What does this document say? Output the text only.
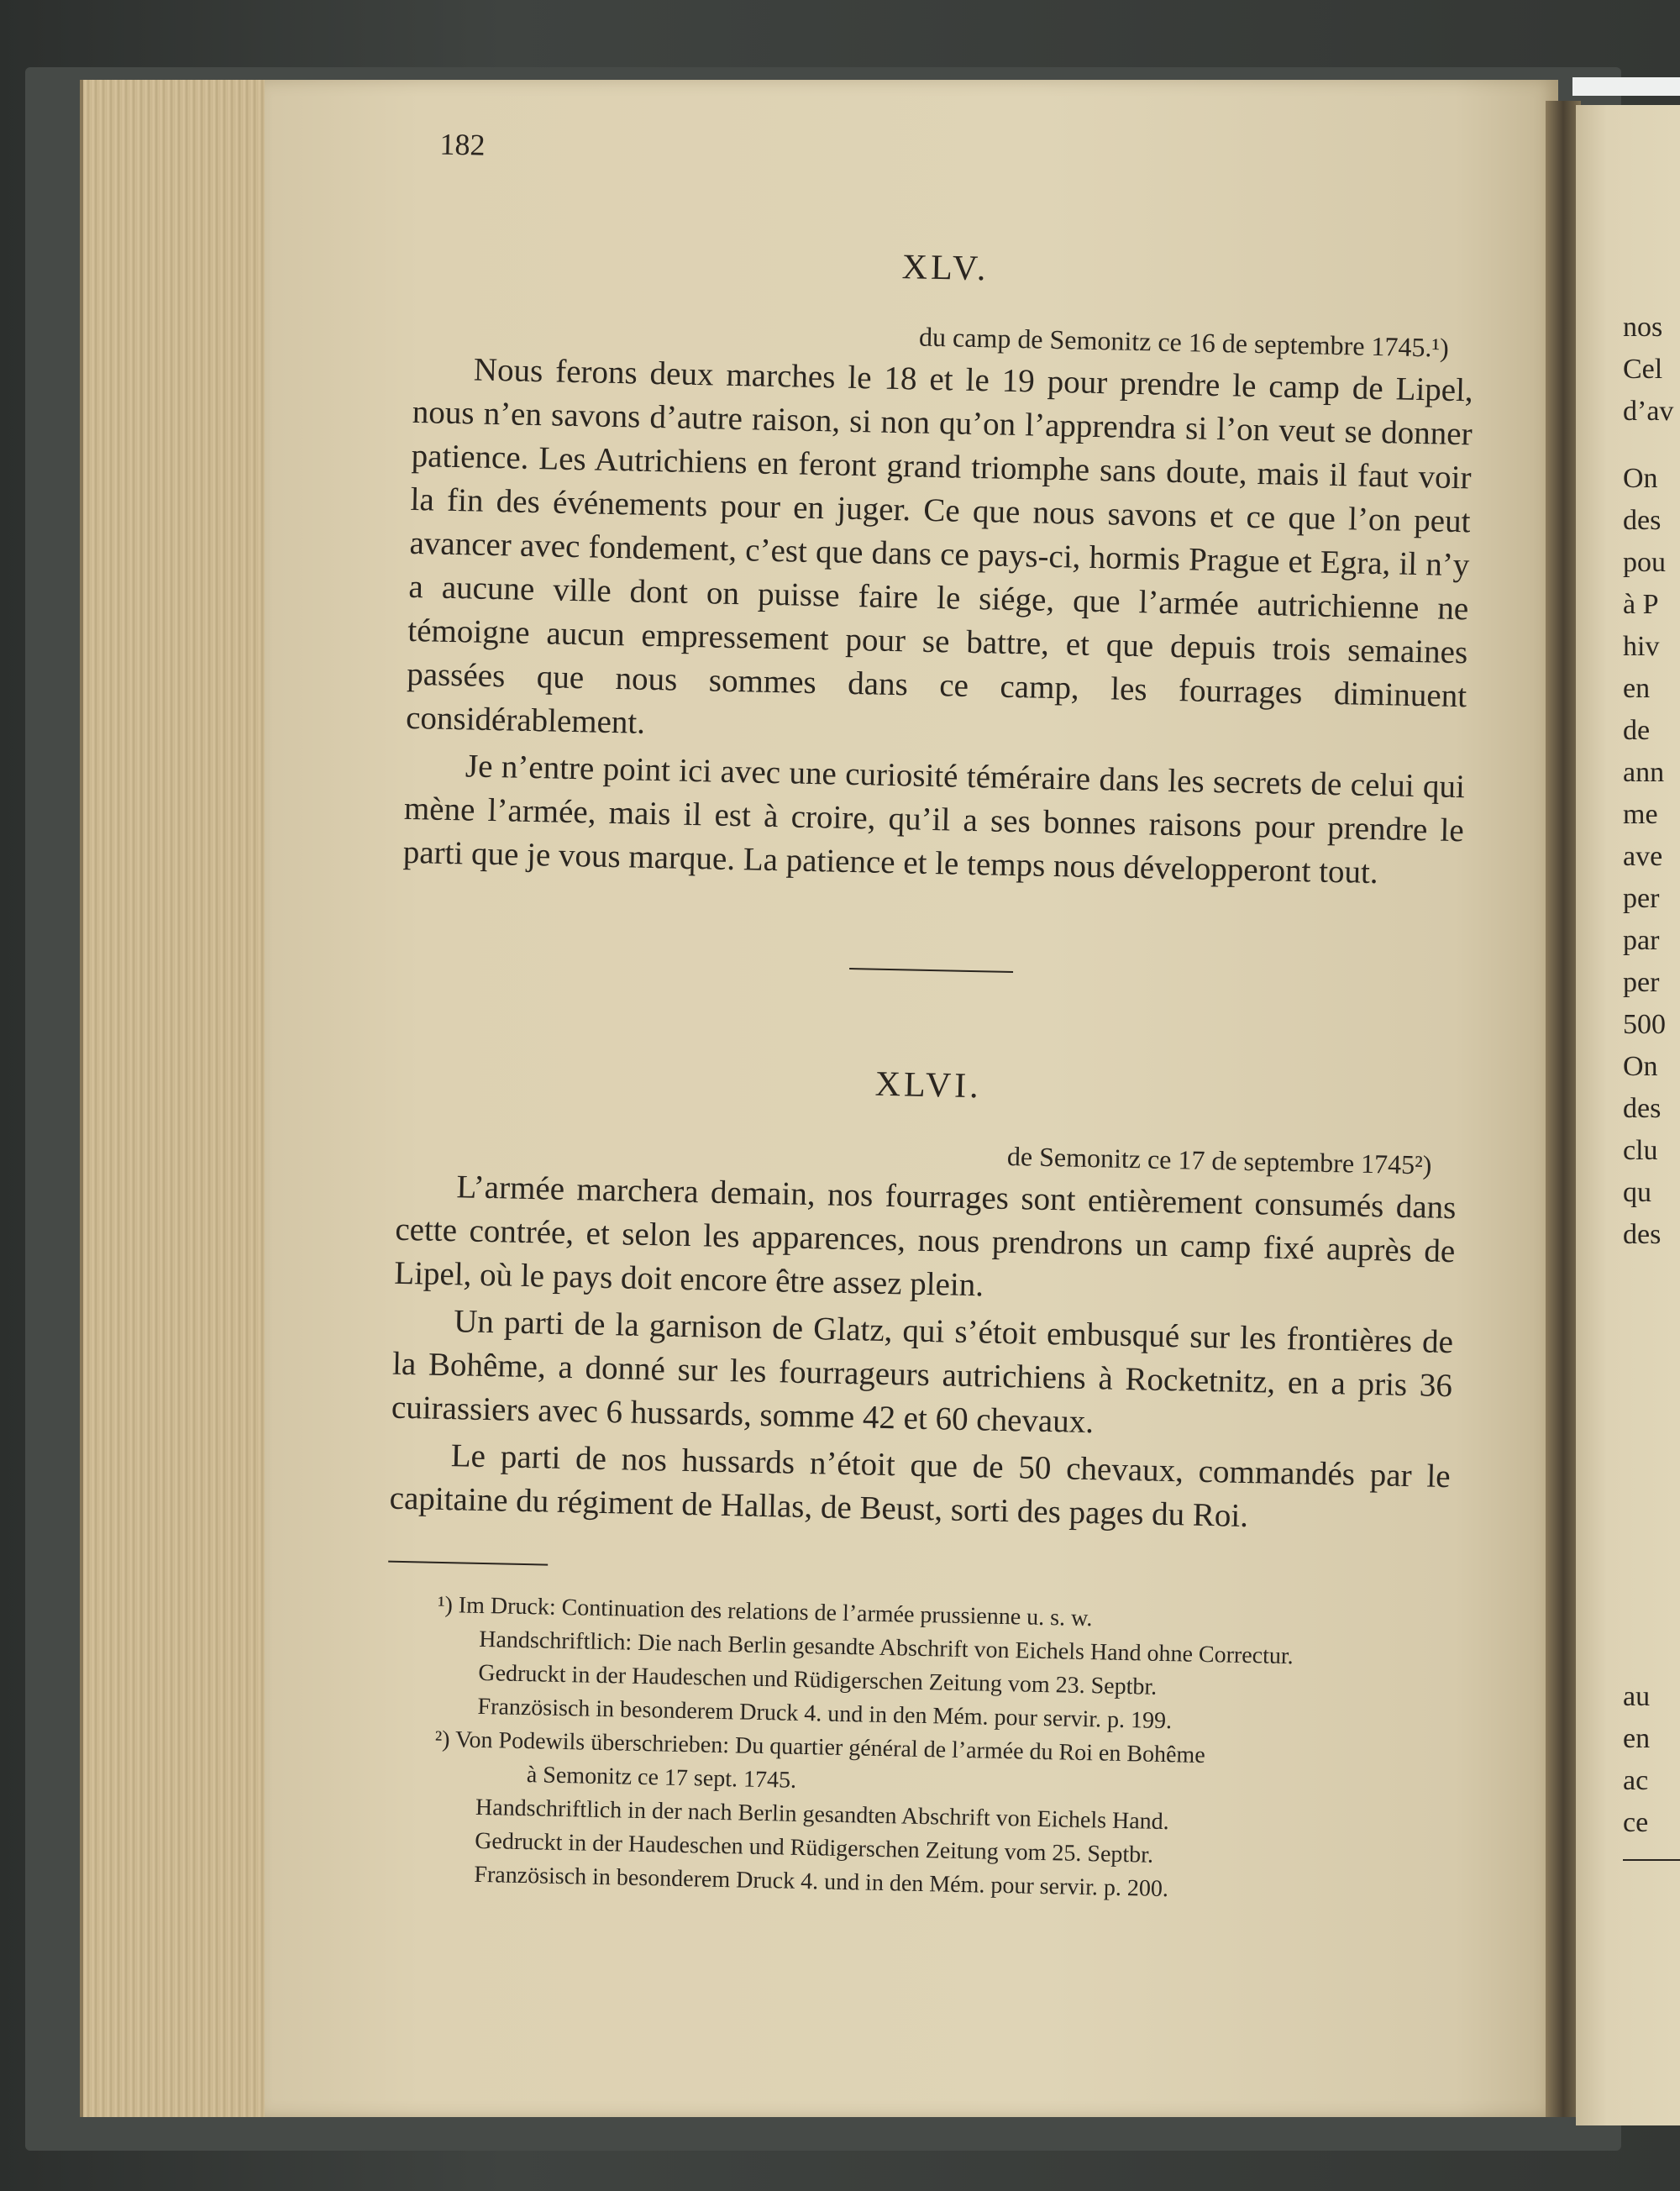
182
XLV.
du camp de Semonitz ce 16 de septembre 1745.¹)

Nous ferons deux marches le 18 et le 19 pour prendre le camp de Lipel, nous n’en savons d’autre raison, si non qu’on l’apprendra si l’on veut se donner patience. Les Autrichiens en feront grand triomphe sans doute, mais il faut voir la fin des événements pour en juger. Ce que nous savons et ce que l’on peut avancer avec fondement, c’est que dans ce pays-ci, hormis Prague et Egra, il n’y a aucune ville dont on puisse faire le siége, que l’armée autrichienne ne témoigne aucun empressement pour se battre, et que depuis trois semaines passées que nous sommes dans ce camp, les fourrages diminuent considérablement.

Je n’entre point ici avec une curiosité téméraire dans les secrets de celui qui mène l’armée, mais il est à croire, qu’il a ses bonnes raisons pour prendre le parti que je vous marque. La patience et le temps nous développeront tout.

XLVI.
de Semonitz ce 17 de septembre 1745²)

L’armée marchera demain, nos fourrages sont entièrement consumés dans cette contrée, et selon les apparences, nous prendrons un camp fixé auprès de Lipel, où le pays doit encore être assez plein.

Un parti de la garnison de Glatz, qui s’étoit embusqué sur les frontières de la Bohême, a donné sur les fourrageurs autrichiens à Rocketnitz, en a pris 36 cuirassiers avec 6 hussards, somme 42 et 60 chevaux.

Le parti de nos hussards n’étoit que de 50 chevaux, commandés par le capitaine du régiment de Hallas, de Beust, sorti des pages du Roi.

¹) Im Druck: Continuation des relations de l’armée prussienne u. s. w.
Handschriftlich: Die nach Berlin gesandte Abschrift von Eichels Hand ohne Correctur.
Gedruckt in der Haudeschen und Rüdigerschen Zeitung vom 23. Septbr.
Französisch in besonderem Druck 4. und in den Mém. pour servir. p. 199.

²) Von Podewils überschrieben: Du quartier général de l’armée du Roi en Bohême
à Semonitz ce 17 sept. 1745.
Handschriftlich in der nach Berlin gesandten Abschrift von Eichels Hand.
Gedruckt in der Haudeschen und Rüdigerschen Zeitung vom 25. Septbr.
Französisch in besonderem Druck 4. und in den Mém. pour servir. p. 200.

nos
Cel
d’av
On
des
pou
à P
hiv
en
de
ann
me
ave
per
par
per
500
On
des
clu
qu
des
au
en
ac
ce
